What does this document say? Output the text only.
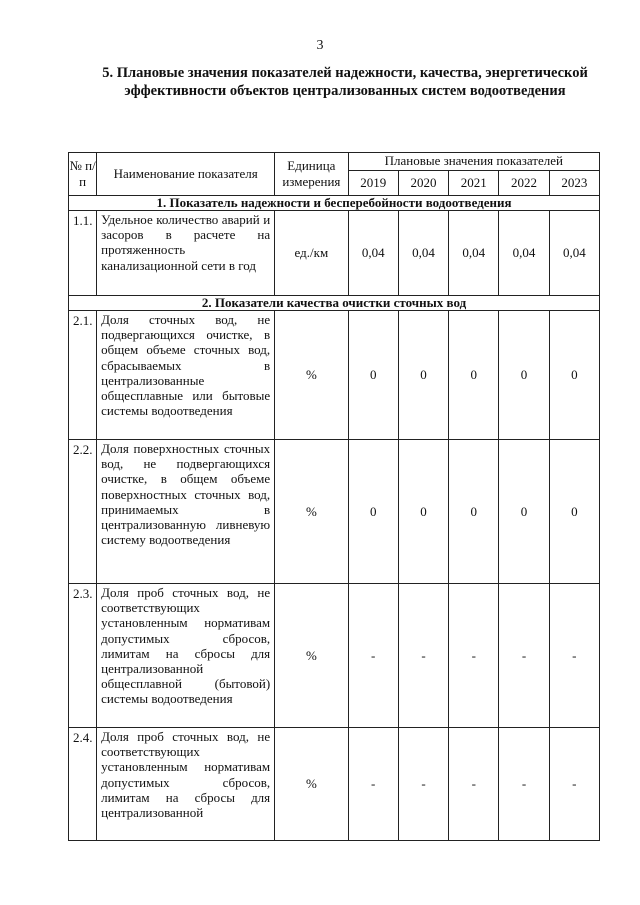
3
5. Плановые значения показателей надежности, качества, энергетической эффективности объектов централизованных систем водоотведения
№ п/п	Наименование показателя	Единица измерения	Плановые значения показателей				
			2019	2020	2021	2022	2023
1. Показатель надежности и бесперебойности водоотведения							
1.1.	Удельное количество аварий и засоров в расчете на протяженность канализационной сети в год	ед./км	0,04	0,04	0,04	0,04	0,04
2. Показатели качества очистки сточных вод							
2.1.	Доля сточных вод, не подвергающихся очистке, в общем объеме сточных вод, сбрасываемых в централизованные общесплавные или бытовые системы водоотведения	%	0	0	0	0	0
2.2.	Доля поверхностных сточных вод, не подвергающихся очистке, в общем объеме поверхностных сточных вод, принимаемых в централизованную ливневую систему водоотведения	%	0	0	0	0	0
2.3.	Доля проб сточных вод, не соответствующих установленным нормативам допустимых сбросов, лимитам на сбросы для централизованной общесплавной (бытовой) системы водоотведения	%	-	-	-	-	-
2.4.	Доля проб сточных вод, не соответствующих установленным нормативам допустимых сбросов, лимитам на сбросы для централизованной	%	-	-	-	-	-
